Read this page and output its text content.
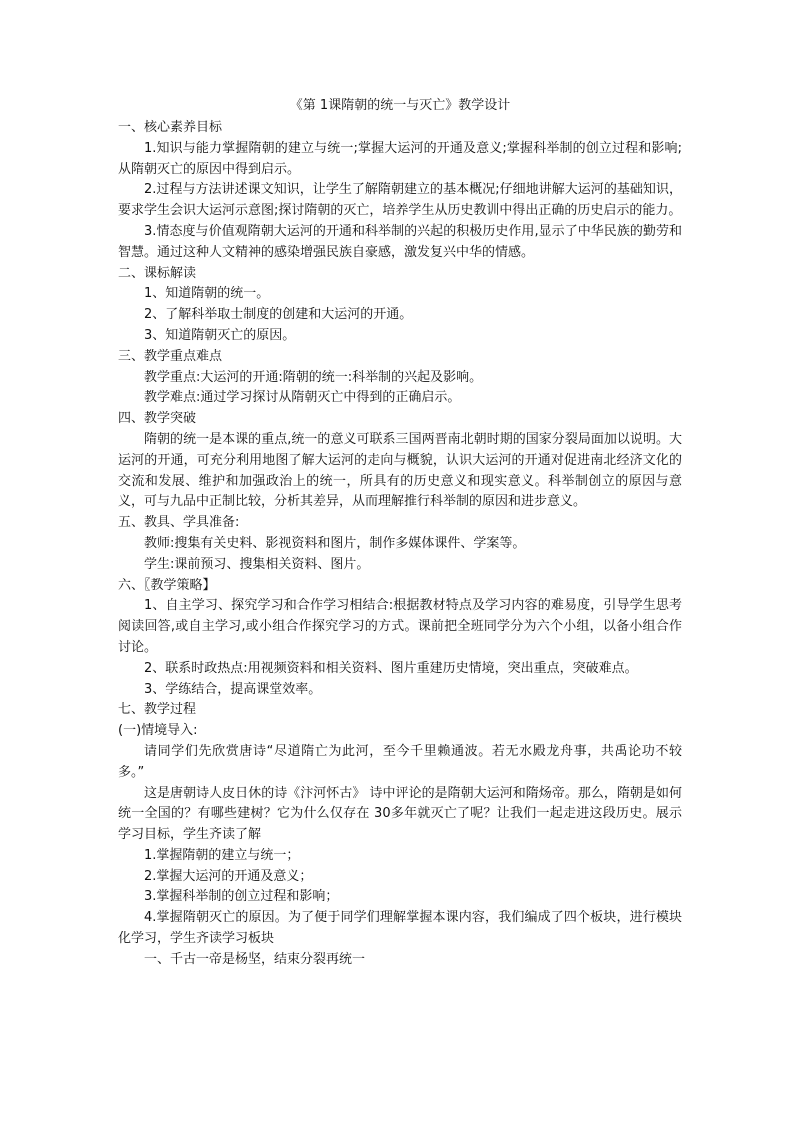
《第 1课隋朝的统一与灭亡》教学设计

一、核心素养目标

1.知识与能力掌握隋朝的建立与统一;掌握大运河的开通及意义;掌握科举制的创立过程和影响;从隋朝灭亡的原因中得到启示。

2.过程与方法讲述课文知识，让学生了解隋朝建立的基本概况;仔细地讲解大运河的基础知识，要求学生会识大运河示意图;探讨隋朝的灭亡，培养学生从历史教训中得出正确的历史启示的能力。

3.情态度与价值观隋朝大运河的开通和科举制的兴起的积极历史作用,显示了中华民族的勤劳和智慧。通过这种人文精神的感染增强民族自豪感，激发复兴中华的情感。

二、课标解读

1、知道隋朝的统一。

2、了解科举取士制度的创建和大运河的开通。

3、知道隋朝灭亡的原因。

三、教学重点难点

教学重点:大运河的开通:隋朝的统一:科举制的兴起及影响。

教学难点:通过学习探讨从隋朝灭亡中得到的正确启示。

四、教学突破

隋朝的统一是本课的重点,统一的意义可联系三国两晋南北朝时期的国家分裂局面加以说明。大运河的开通，可充分利用地图了解大运河的走向与概貌，认识大运河的开通对促进南北经济文化的交流和发展、维护和加强政治上的统一，所具有的历史意义和现实意义。科举制创立的原因与意义，可与九品中正制比较，分析其差异，从而理解推行科举制的原因和进步意义。

五、教具、学具准备:

教师:搜集有关史料、影视资料和图片，制作多媒体课件、学案等。

学生:课前预习、搜集相关资料、图片。

六、〖教学策略】

1、自主学习、探究学习和合作学习相结合:根据教材特点及学习内容的难易度，引导学生思考阅读回答,或自主学习,或小组合作探究学习的方式。课前把全班同学分为六个小组，以备小组合作讨论。

2、联系时政热点:用视频资料和相关资料、图片重建历史情境，突出重点，突破难点。

3、学练结合，提高课堂效率。

七、教学过程

(一)情境导入:

请同学们先欣赏唐诗“尽道隋亡为此河，至今千里赖通波。若无水殿龙舟事，共禹论功不较多。”

这是唐朝诗人皮日休的诗《汴河怀古》 诗中评论的是隋朝大运河和隋炀帝。那么，隋朝是如何统一全国的？有哪些建树？它为什么仅存在 30多年就灭亡了呢？让我们一起走进这段历史。展示学习目标，学生齐读了解

1.掌握隋朝的建立与统一；

2.掌握大运河的开通及意义；

3.掌握科举制的创立过程和影响；

4.掌握隋朝灭亡的原因。为了便于同学们理解掌握本课内容，我们编成了四个板块，进行模块化学习，学生齐读学习板块

一、千古一帝是杨坚，结束分裂再统一
